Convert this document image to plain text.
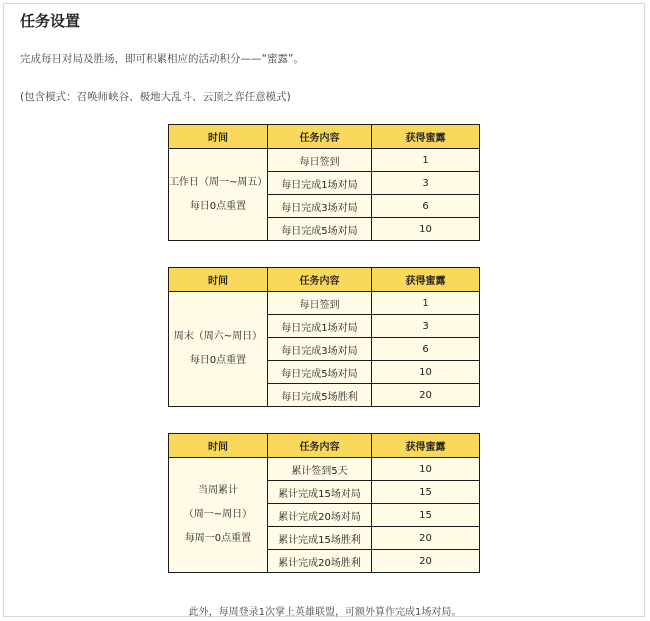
任务设置
完成每日对局及胜场，即可积累相应的活动积分——“蜜露”。
(包含模式：召唤师峡谷、极地大乱斗、云顶之弈任意模式)
时间	任务内容	获得蜜露

工作日（周一~周五）
每日0点重置	每日签到	1
	每日完成1场对局	3
	每日完成3场对局	6
	每日完成5场对局	10
时间	任务内容	获得蜜露

周末（周六~周日）
每日0点重置	每日签到	1
	每日完成1场对局	3
	每日完成3场对局	6
	每日完成5场对局	10
	每日完成5场胜利	20
时间	任务内容	获得蜜露

当周累计
（周一~周日）
每周一0点重置	累计签到5天	10
	累计完成15场对局	15
	累计完成20场对局	15
	累计完成15场胜利	20
	累计完成20场胜利	20
此外，每周登录1次掌上英雄联盟，可额外算作完成1场对局。
